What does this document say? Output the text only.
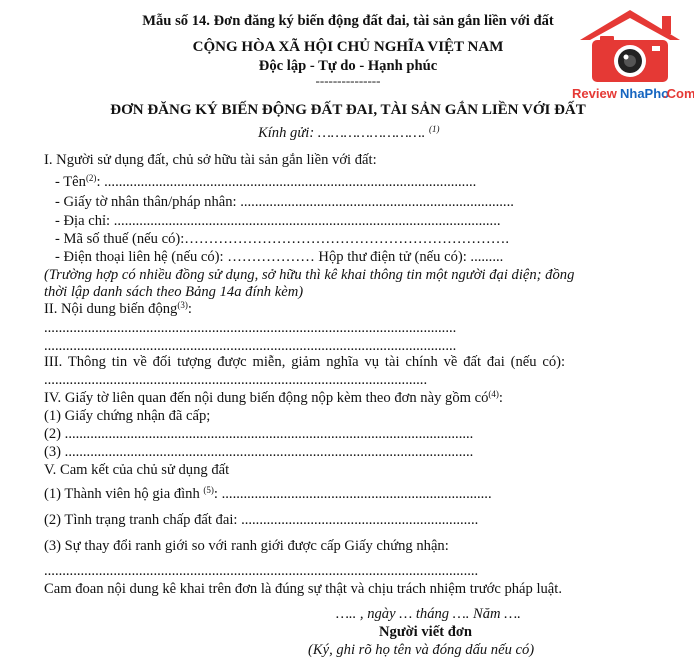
Mẫu số 14. Đơn đăng ký biến động đất đai, tài sản gắn liền với đất
CỘNG HÒA XÃ HỘI CHỦ NGHĨA VIỆT NAM
Độc lập - Tự do - Hạnh phúc
---------------
Review NhaPho
.Com
ĐƠN ĐĂNG KÝ BIẾN ĐỘNG ĐẤT ĐAI, TÀI SẢN GẮN LIỀN VỚI ĐẤT
Kính gửi: ……………………. $^{(1)}$
I. Người sử dụng đất, chủ sở hữu tài sản gắn liền với đất:
- Tên$^{(2)}$: ......................................................................................................
- Giấy tờ nhân thân/pháp nhân: ...........................................................................
- Địa chỉ: ..........................................................................................................
- Mã số thuế (nếu có):………………………………………………………….
- Điện thoại liên hệ (nếu có): ……………… Hộp thư điện tử (nếu có): .........
(Trường hợp có nhiều đồng sử dụng, sở hữu thì kê khai thông tin một người đại diện; đồng
thời lập danh sách theo Bảng 14a đính kèm)
II. Nội dung biến động$^{(3)}$:
.................................................................................................................
.................................................................................................................
III. Thông tin về đối tượng được miễn, giảm nghĩa vụ tài chính về đất đai (nếu có):
.........................................................................................................
IV. Giấy tờ liên quan đến nội dung biến động nộp kèm theo đơn này gồm $có^{(4)}$:
(1) Giấy chứng nhận đã cấp;
(2) ................................................................................................................
(3) ................................................................................................................
V. Cam kết của chủ sử dụng đất
(1) Thành viên hộ gia đình $^{(5)}$: ..........................................................................
(2) Tình trạng tranh chấp đất đai: .................................................................
(3) Sự thay đổi ranh giới so với ranh giới được cấp Giấy chứng nhận:
.......................................................................................................................
Cam đoan nội dung kê khai trên đơn là đúng sự thật và chịu trách nhiệm trước pháp luật.
….. , ngày … tháng …. Năm ….
Người viết đơn
(Ký, ghi rõ họ tên và đóng dấu nếu có)
